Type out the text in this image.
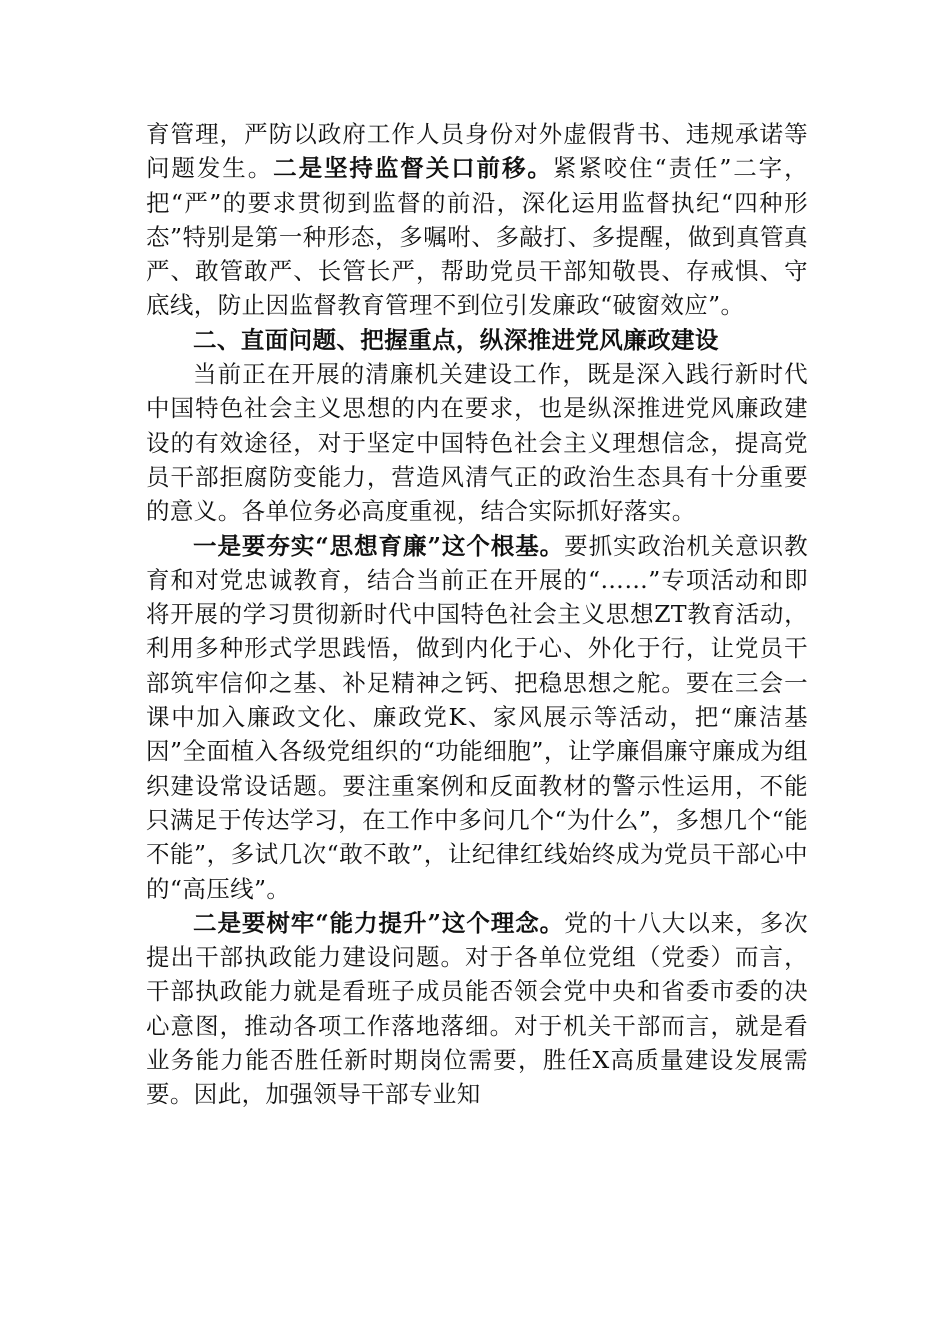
育管理，严防以政府工作人员身份对外虚假背书、违规承诺等问题发生。二是坚持监督关口前移。紧紧咬住“责任”二字，把“严”的要求贯彻到监督的前沿，深化运用监督执纪“四种形态”特别是第一种形态，多嘱咐、多敲打、多提醒，做到真管真严、敢管敢严、长管长严，帮助党员干部知敬畏、存戒惧、守底线，防止因监督教育管理不到位引发廉政“破窗效应”。

二、直面问题、把握重点，纵深推进党风廉政建设

当前正在开展的清廉机关建设工作，既是深入践行新时代中国特色社会主义思想的内在要求，也是纵深推进党风廉政建设的有效途径，对于坚定中国特色社会主义理想信念，提高党员干部拒腐防变能力，营造风清气正的政治生态具有十分重要的意义。各单位务必高度重视，结合实际抓好落实。

一是要夯实“思想育廉”这个根基。要抓实政治机关意识教育和对党忠诚教育，结合当前正在开展的“……”专项活动和即将开展的学习贯彻新时代中国特色社会主义思想ZT教育活动，利用多种形式学思践悟，做到内化于心、外化于行，让党员干部筑牢信仰之基、补足精神之钙、把稳思想之舵。要在三会一课中加入廉政文化、廉政党K、家风展示等活动，把“廉洁基因”全面植入各级党组织的“功能细胞”，让学廉倡廉守廉成为组织建设常设话题。要注重案例和反面教材的警示性运用，不能只满足于传达学习，在工作中多问几个“为什么”，多想几个“能不能”，多试几次“敢不敢”，让纪律红线始终成为党员干部心中的“高压线”。

二是要树牢“能力提升”这个理念。党的十八大以来，多次提出干部执政能力建设问题。对于各单位党组（党委）而言，干部执政能力就是看班子成员能否领会党中央和省委市委的决心意图，推动各项工作落地落细。对于机关干部而言，就是看业务能力能否胜任新时期岗位需要，胜任X高质量建设发展需要。因此，加强领导干部专业知
